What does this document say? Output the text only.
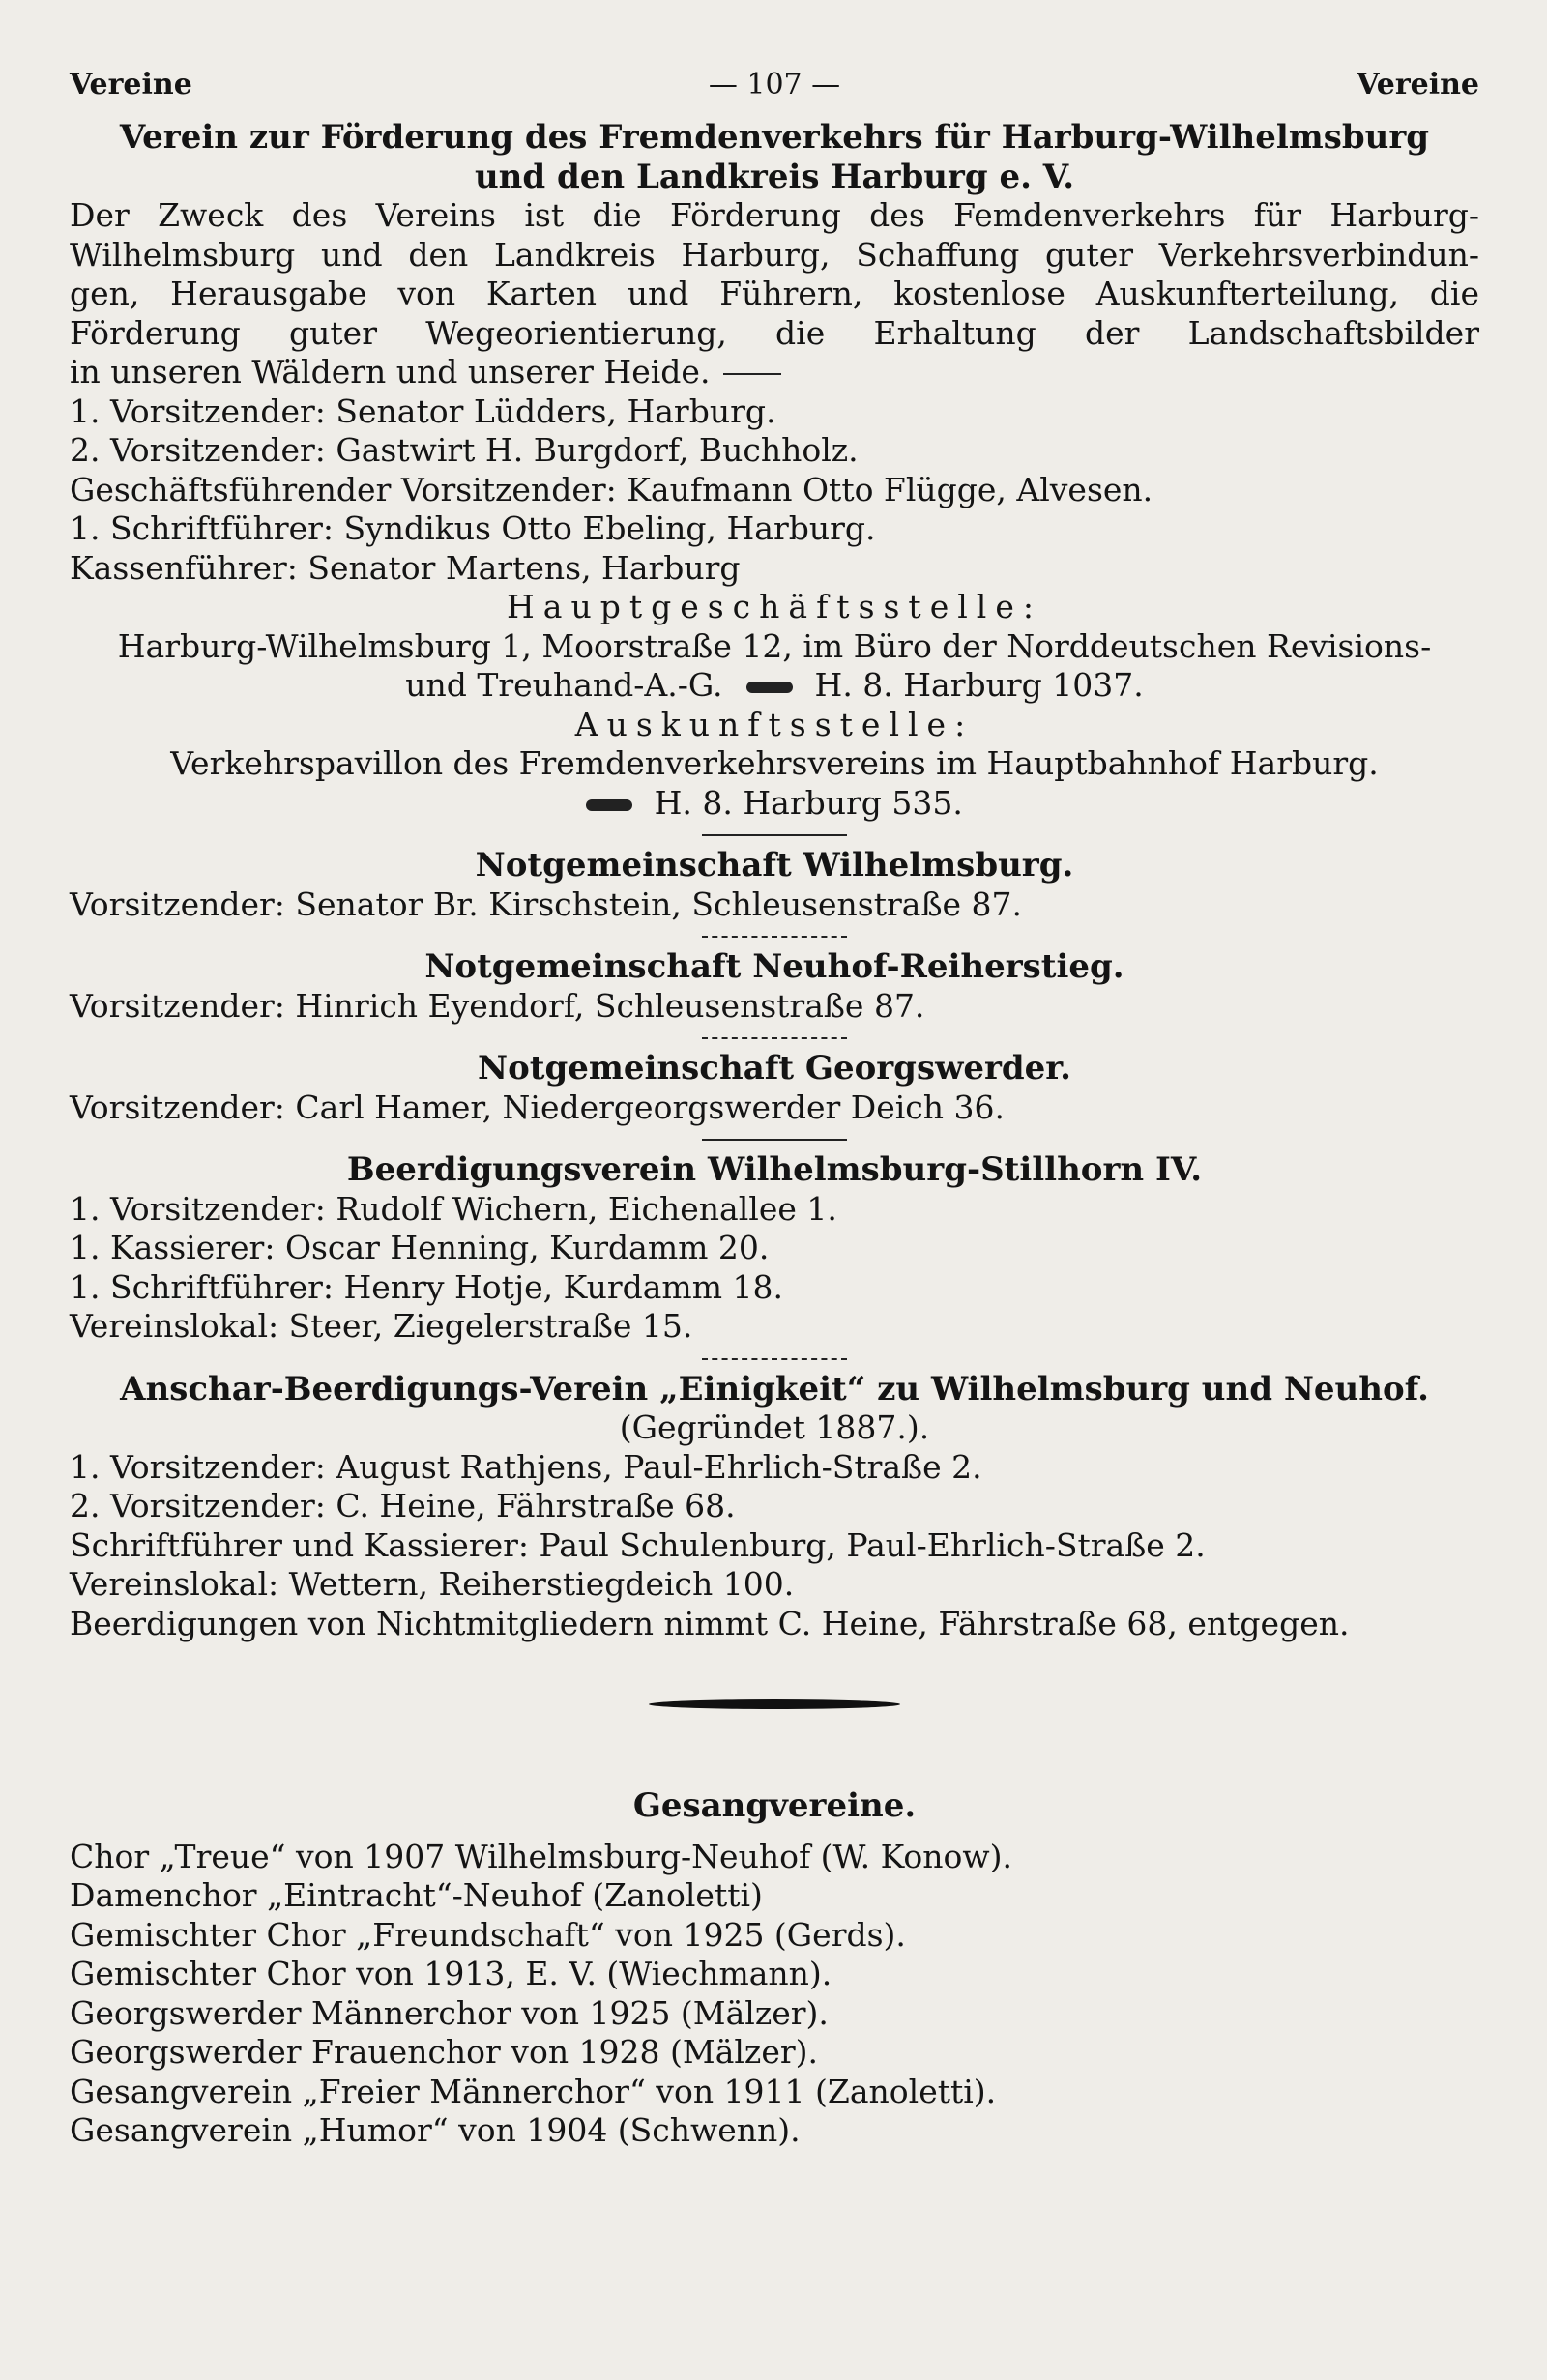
Vereine	— 107 —	Vereine
Verein zur Förderung des Fremdenverkehrs für Harburg-Wilhelmsburg
und den Landkreis Harburg e. V.
Der Zweck des Vereins ist die Förderung des Femdenverkehrs für Harburg-
Wilhelmsburg und den Landkreis Harburg, Schaffung guter Verkehrsverbindun-
gen, Herausgabe von Karten und Führern, kostenlose Auskunfterteilung, die
Förderung guter Wegeorientierung, die Erhaltung der Landschaftsbilder
in unseren Wäldern und unserer Heide.
1. Vorsitzender: Senator Lüdders, Harburg.
2. Vorsitzender: Gastwirt H. Burgdorf, Buchholz.
Geschäftsführender Vorsitzender: Kaufmann Otto Flügge, Alvesen.
1. Schriftführer: Syndikus Otto Ebeling, Harburg.
Kassenführer: Senator Martens, Harburg
Hauptgeschäftsstelle:
Harburg-Wilhelmsburg 1, Moorstraße 12, im Büro der Norddeutschen Revisions-
und Treuhand-A.-G.	H. 8. Harburg 1037.
Auskunftsstelle:
Verkehrspavillon des Fremdenverkehrsvereins im Hauptbahnhof Harburg.
H. 8. Harburg 535.
Notgemeinschaft Wilhelmsburg.
Vorsitzender: Senator Br. Kirschstein, Schleusenstraße 87.
Notgemeinschaft Neuhof-Reiherstieg.
Vorsitzender: Hinrich Eyendorf, Schleusenstraße 87.
Notgemeinschaft Georgswerder.
Vorsitzender: Carl Hamer, Niedergeorgswerder Deich 36.
Beerdigungsverein Wilhelmsburg-Stillhorn IV.
1. Vorsitzender: Rudolf Wichern, Eichenallee 1.
1. Kassierer: Oscar Henning, Kurdamm 20.
1. Schriftführer: Henry Hotje, Kurdamm 18.
Vereinslokal: Steer, Ziegelerstraße 15.
Anschar-Beerdigungs-Verein „Einigkeit“ zu Wilhelmsburg und Neuhof.
(Gegründet 1887.).
1. Vorsitzender: August Rathjens, Paul-Ehrlich-Straße 2.
2. Vorsitzender: C. Heine, Fährstraße 68.
Schriftführer und Kassierer: Paul Schulenburg, Paul-Ehrlich-Straße 2.
Vereinslokal: Wettern, Reiherstiegdeich 100.
Beerdigungen von Nichtmitgliedern nimmt C. Heine, Fährstraße 68, entgegen.
Gesangvereine.
Chor „Treue“ von 1907 Wilhelmsburg-Neuhof (W. Konow).
Damenchor „Eintracht“-Neuhof (Zanoletti)
Gemischter Chor „Freundschaft“ von 1925 (Gerds).
Gemischter Chor von 1913, E. V. (Wiechmann).
Georgswerder Männerchor von 1925 (Mälzer).
Georgswerder Frauenchor von 1928 (Mälzer).
Gesangverein „Freier Männerchor“ von 1911 (Zanoletti).
Gesangverein „Humor“ von 1904 (Schwenn).
